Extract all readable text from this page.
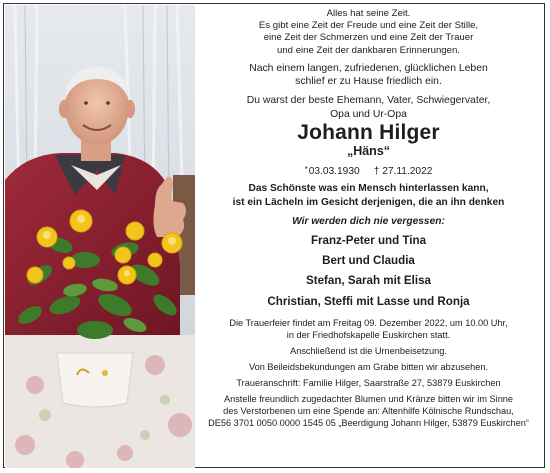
Alles hat seine Zeit.
Es gibt eine Zeit der Freude und eine Zeit der Stille,
eine Zeit der Schmerzen und eine Zeit der Trauer
und eine Zeit der dankbaren Erinnerungen.
Nach einem langen, zufriedenen, glücklichen Leben
schlief er zu Hause friedlich ein.
Du warst der beste Ehemann, Vater, Schwiegervater,
Opa und Ur-Opa
Johann Hilger
„Häns“
*03.03.1930 † 27.11.2022
Das Schönste was ein Mensch hinterlassen kann,
ist ein Lächeln im Gesicht derjenigen, die an ihn denken
Wir werden dich nie vergessen:
Franz-Peter und Tina
Bert und Claudia
Stefan, Sarah mit Elisa
Christian, Steffi mit Lasse und Ronja
Die Trauerfeier findet am Freitag 09. Dezember 2022, um 10.00 Uhr,
in der Friedhofskapelle Euskirchen statt.
Anschließend ist die Urnenbeisetzung.
Von Beileidsbekundungen am Grabe bitten wir abzusehen.
Traueranschrift: Familie Hilger, Saarstraße 27, 53879 Euskirchen
Anstelle freundlich zugedachter Blumen und Kränze bitten wir im Sinne
des Verstorbenen um eine Spende an: Altenhilfe Kölnische Rundschau,
DE56 3701 0050 0000 1545 05 „Beerdigung Johann Hilger, 53879 Euskirchen“
